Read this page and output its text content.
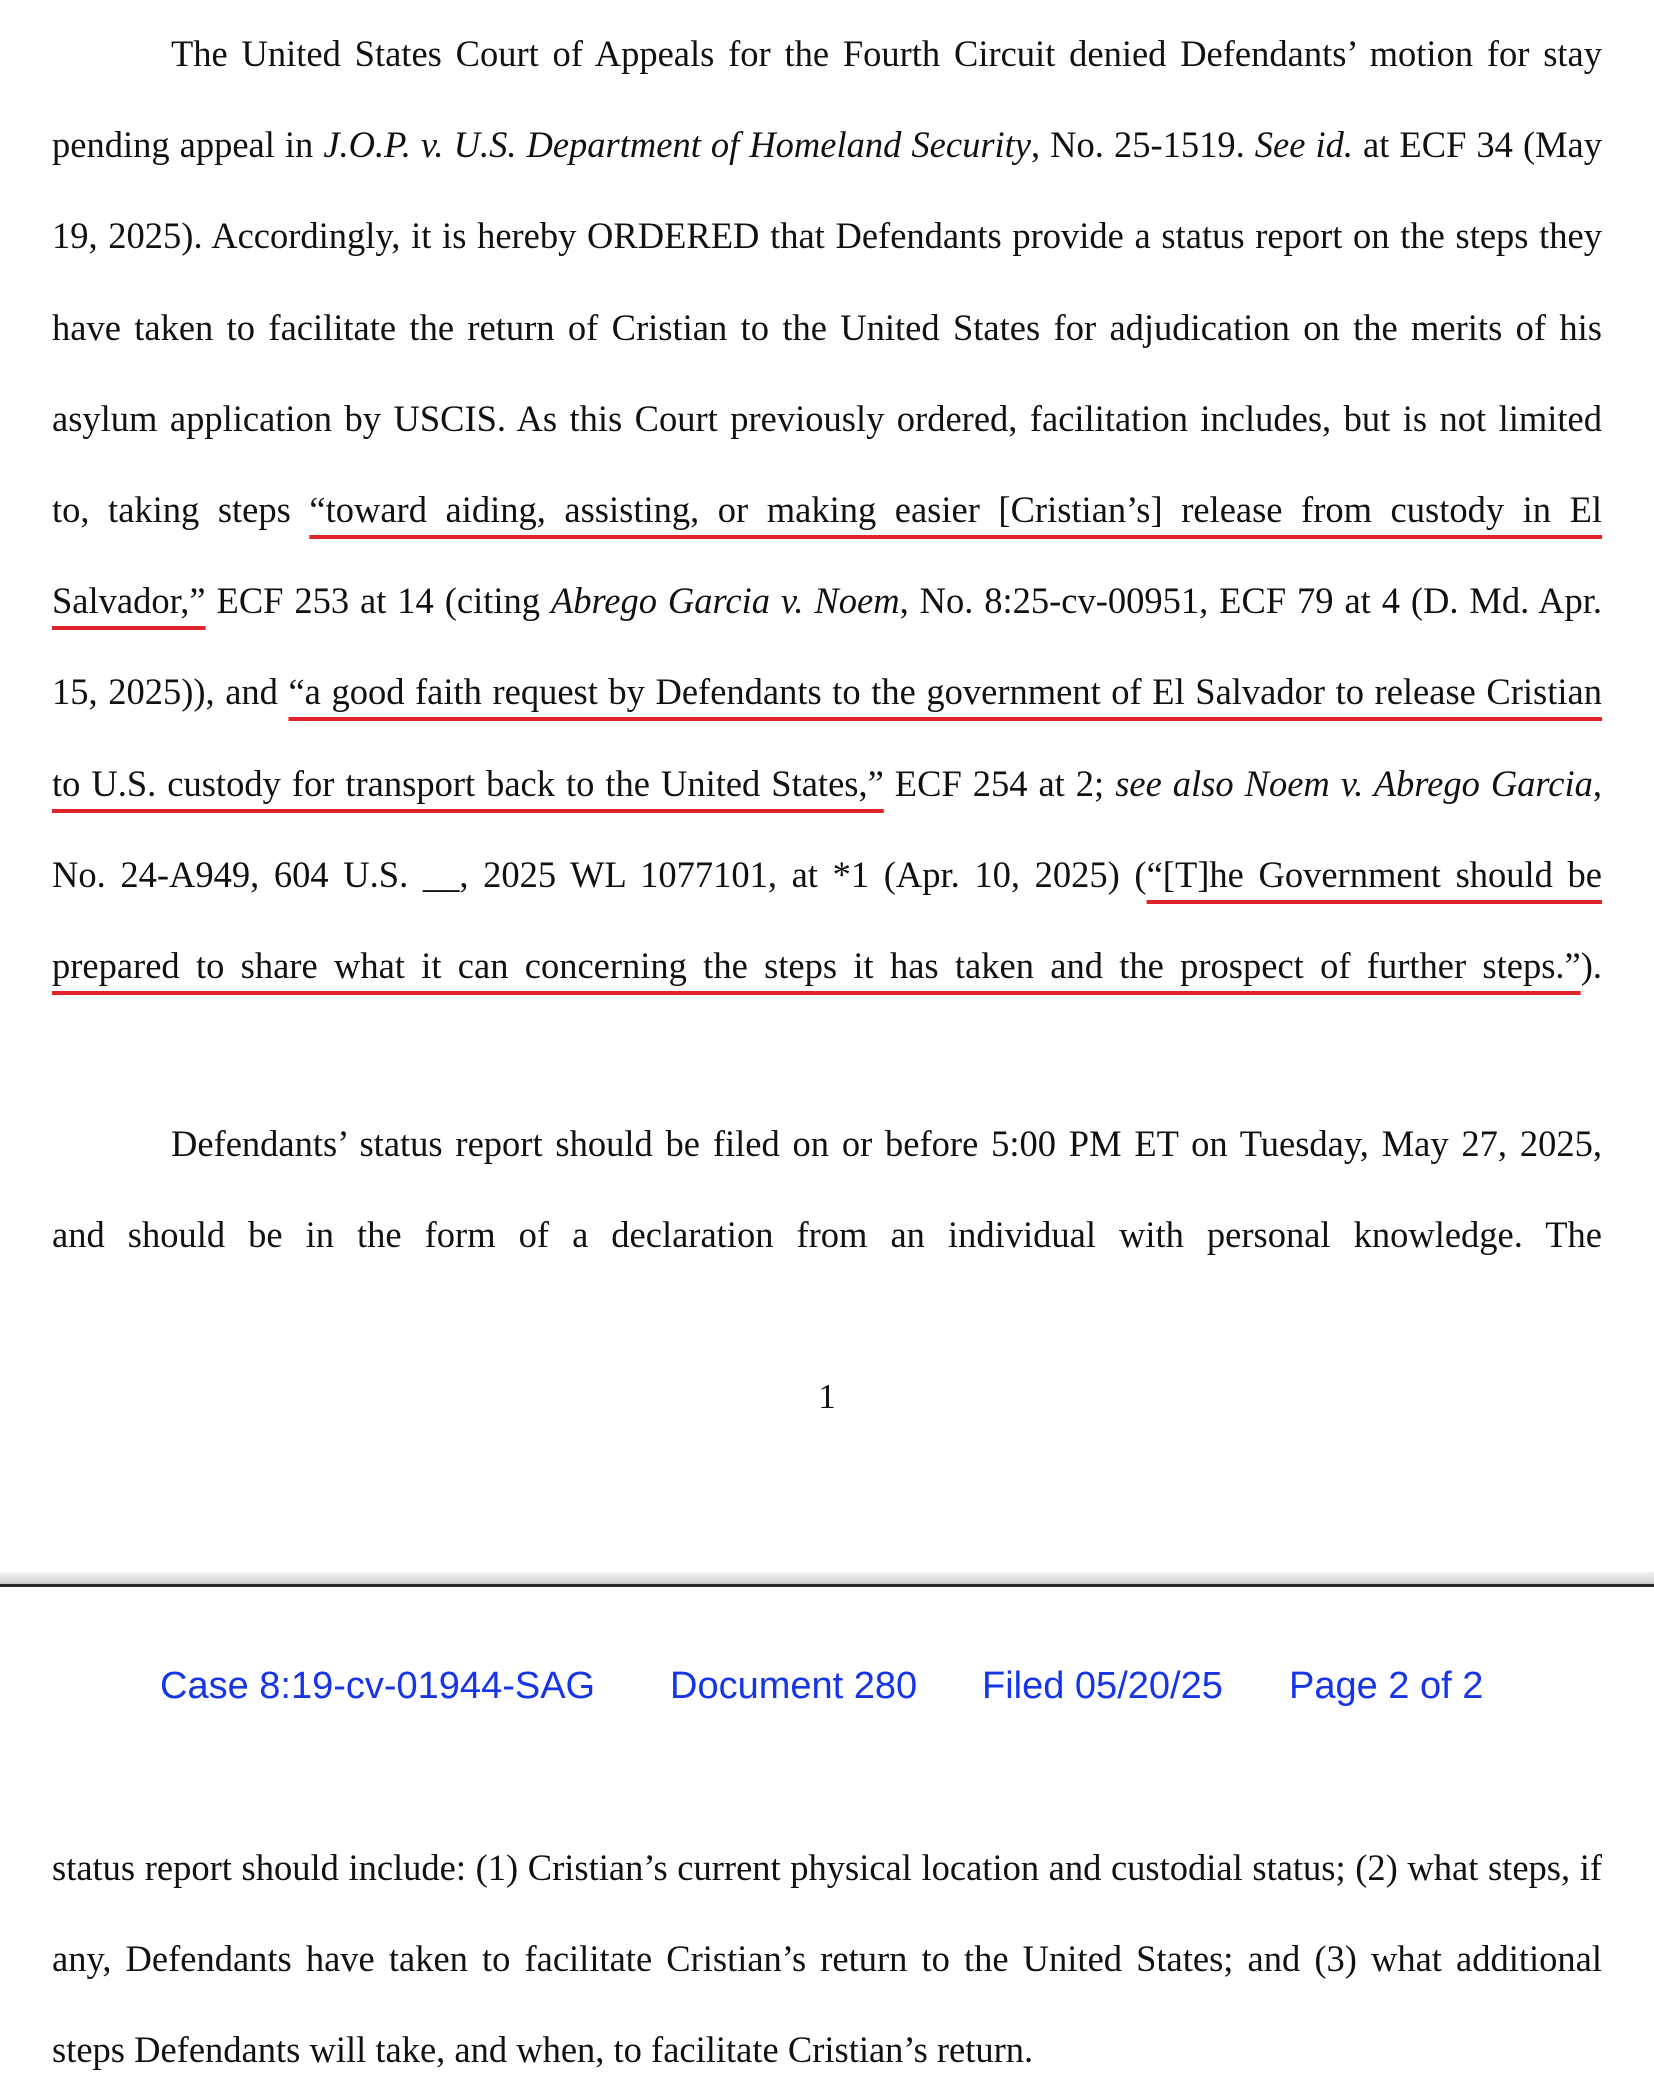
The United States Court of Appeals for the Fourth Circuit denied Defendants’ motion for stay pending appeal in J.O.P. v. U.S. Department of Homeland Security, No. 25-1519. See id. at ECF 34 (May 19, 2025). Accordingly, it is hereby ORDERED that Defendants provide a status report on the steps they have taken to facilitate the return of Cristian to the United States for adjudication on the merits of his asylum application by USCIS. As this Court previously ordered, facilitation includes, but is not limited to, taking steps “toward aiding, assisting, or making easier [Cristian’s] release from custody in El Salvador,” ECF 253 at 14 (citing Abrego Garcia v. Noem, No. 8:25-cv-00951, ECF 79 at 4 (D. Md. Apr. 15, 2025)), and “a good faith request by Defendants to the government of El Salvador to release Cristian to U.S. custody for transport back to the United States,” ECF 254 at 2; see also Noem v. Abrego Garcia, No. 24-A949, 604 U.S. __, 2025 WL 1077101, at *1 (Apr. 10, 2025) (“[T]he Government should be prepared to share what it can concerning the steps it has taken and the prospect of further steps.”).

Defendants’ status report should be filed on or before 5:00 PM ET on Tuesday, May 27, 2025, and should be in the form of a declaration from an individual with personal knowledge. The

1
Case 8:19-cv-01944-SAG Document 280 Filed 05/20/25 Page 2 of 2

status report should include: (1) Cristian’s current physical location and custodial status; (2) what steps, if any, Defendants have taken to facilitate Cristian’s return to the United States; and (3) what additional steps Defendants will take, and when, to facilitate Cristian’s return.
